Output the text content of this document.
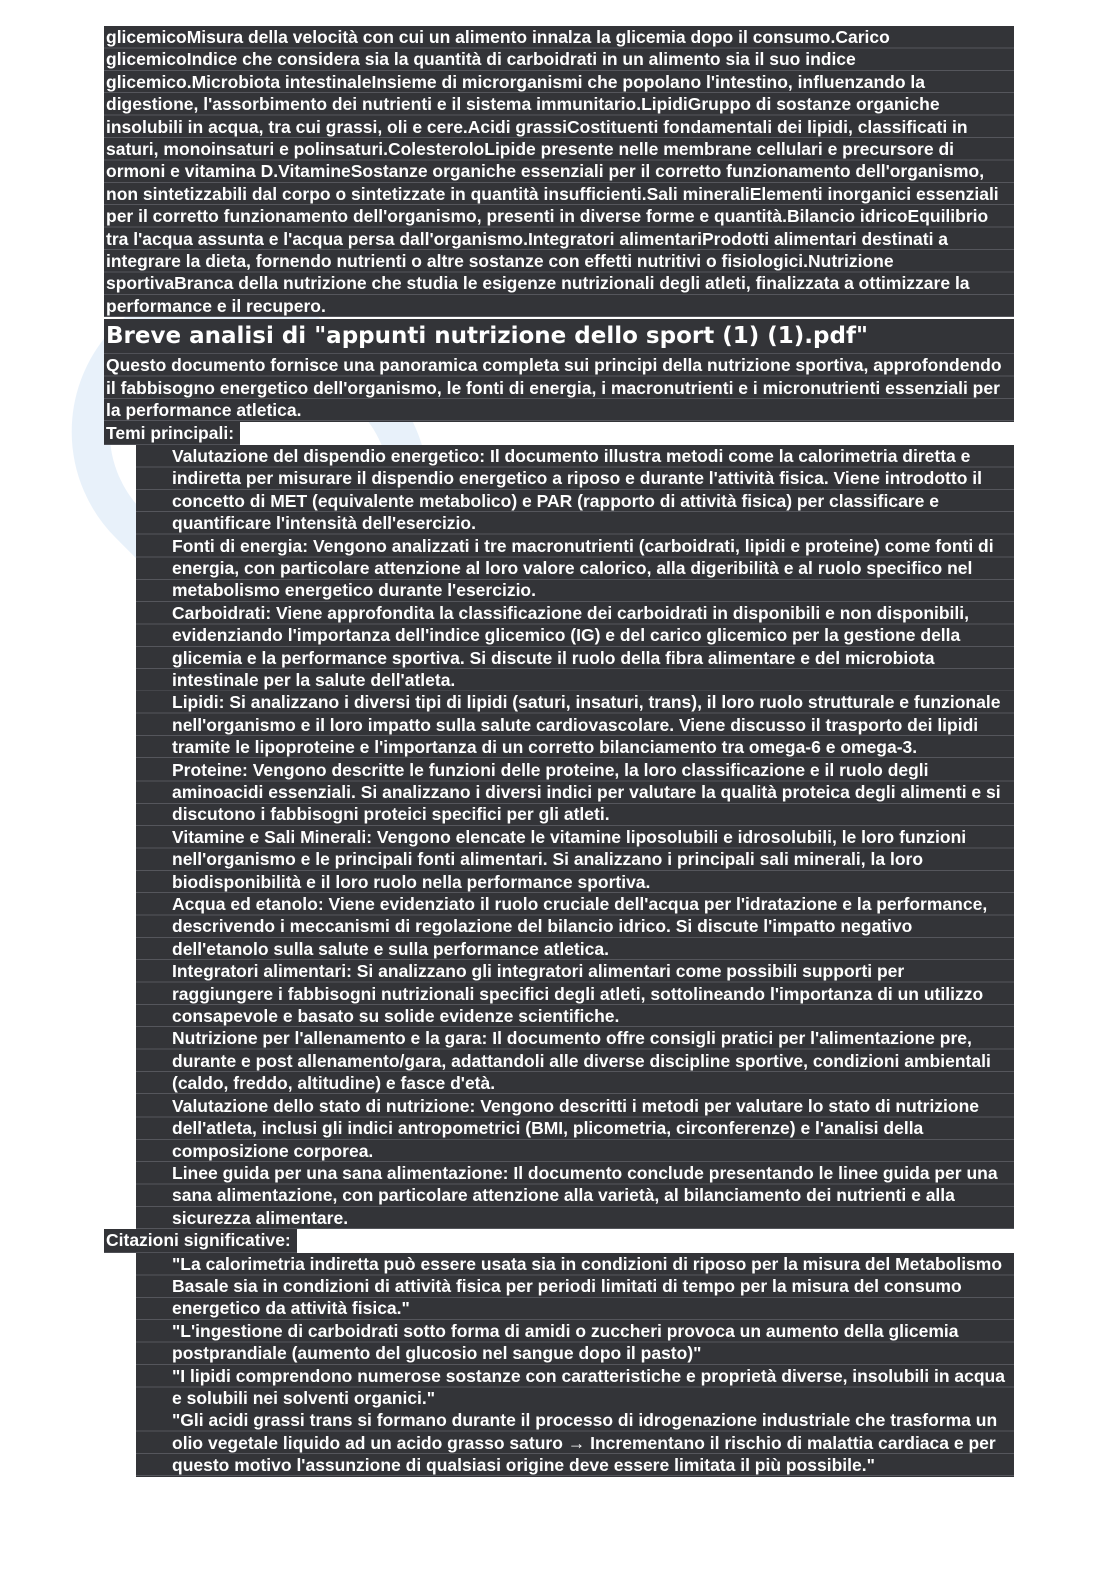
glicemicoMisura della velocità con cui un alimento innalza la glicemia dopo il consumo.Carico glicemicoIndice che considera sia la quantità di carboidrati in un alimento sia il suo indice glicemico.Microbiota intestinaleInsieme di microrganismi che popolano l'intestino, influenzando la digestione, l'assorbimento dei nutrienti e il sistema immunitario.LipidiGruppo di sostanze organiche insolubili in acqua, tra cui grassi, oli e cere.Acidi grassiCostituenti fondamentali dei lipidi, classificati in saturi, monoinsaturi e polinsaturi.ColesteroloLipide presente nelle membrane cellulari e precursore di ormoni e vitamina D.VitamineSostanze organiche essenziali per il corretto funzionamento dell'organismo, non sintetizzabili dal corpo o sintetizzate in quantità insufficienti.Sali mineraliElementi inorganici essenziali per il corretto funzionamento dell'organismo, presenti in diverse forme e quantità.Bilancio idricoEquilibrio tra l'acqua assunta e l'acqua persa dall'organismo.Integratori alimentariProdotti alimentari destinati a integrare la dieta, fornendo nutrienti o altre sostanze con effetti nutritivi o fisiologici.Nutrizione sportivaBranca della nutrizione che studia le esigenze nutrizionali degli atleti, finalizzata a ottimizzare la performance e il recupero.
Breve analisi di "appunti nutrizione dello sport (1) (1).pdf"
Questo documento fornisce una panoramica completa sui principi della nutrizione sportiva, approfondendo il fabbisogno energetico dell'organismo, le fonti di energia, i macronutrienti e i micronutrienti essenziali per la performance atletica.
Temi principali:
Valutazione del dispendio energetico: Il documento illustra metodi come la calorimetria diretta e indiretta per misurare il dispendio energetico a riposo e durante l'attività fisica. Viene introdotto il concetto di MET (equivalente metabolico) e PAR (rapporto di attività fisica) per classificare e quantificare l'intensità dell'esercizio.
Fonti di energia: Vengono analizzati i tre macronutrienti (carboidrati, lipidi e proteine) come fonti di energia, con particolare attenzione al loro valore calorico, alla digeribilità e al ruolo specifico nel metabolismo energetico durante l'esercizio.
Carboidrati: Viene approfondita la classificazione dei carboidrati in disponibili e non disponibili, evidenziando l'importanza dell'indice glicemico (IG) e del carico glicemico per la gestione della glicemia e la performance sportiva. Si discute il ruolo della fibra alimentare e del microbiota intestinale per la salute dell'atleta.
Lipidi: Si analizzano i diversi tipi di lipidi (saturi, insaturi, trans), il loro ruolo strutturale e funzionale nell'organismo e il loro impatto sulla salute cardiovascolare. Viene discusso il trasporto dei lipidi tramite le lipoproteine e l'importanza di un corretto bilanciamento tra omega-6 e omega-3.
Proteine: Vengono descritte le funzioni delle proteine, la loro classificazione e il ruolo degli aminoacidi essenziali. Si analizzano i diversi indici per valutare la qualità proteica degli alimenti e si discutono i fabbisogni proteici specifici per gli atleti.
Vitamine e Sali Minerali: Vengono elencate le vitamine liposolubili e idrosolubili, le loro funzioni nell'organismo e le principali fonti alimentari. Si analizzano i principali sali minerali, la loro biodisponibilità e il loro ruolo nella performance sportiva.
Acqua ed etanolo: Viene evidenziato il ruolo cruciale dell'acqua per l'idratazione e la performance, descrivendo i meccanismi di regolazione del bilancio idrico. Si discute l'impatto negativo dell'etanolo sulla salute e sulla performance atletica.
Integratori alimentari: Si analizzano gli integratori alimentari come possibili supporti per raggiungere i fabbisogni nutrizionali specifici degli atleti, sottolineando l'importanza di un utilizzo consapevole e basato su solide evidenze scientifiche.
Nutrizione per l'allenamento e la gara: Il documento offre consigli pratici per l'alimentazione pre, durante e post allenamento/gara, adattandoli alle diverse discipline sportive, condizioni ambientali (caldo, freddo, altitudine) e fasce d'età.
Valutazione dello stato di nutrizione: Vengono descritti i metodi per valutare lo stato di nutrizione dell'atleta, inclusi gli indici antropometrici (BMI, plicometria, circonferenze) e l'analisi della composizione corporea.
Linee guida per una sana alimentazione: Il documento conclude presentando le linee guida per una sana alimentazione, con particolare attenzione alla varietà, al bilanciamento dei nutrienti e alla sicurezza alimentare.
Citazioni significative:
"La calorimetria indiretta può essere usata sia in condizioni di riposo per la misura del Metabolismo Basale sia in condizioni di attività fisica per periodi limitati di tempo per la misura del consumo energetico da attività fisica."
"L'ingestione di carboidrati sotto forma di amidi o zuccheri provoca un aumento della glicemia postprandiale (aumento del glucosio nel sangue dopo il pasto)"
"I lipidi comprendono numerose sostanze con caratteristiche e proprietà diverse, insolubili in acqua e solubili nei solventi organici."
"Gli acidi grassi trans si formano durante il processo di idrogenazione industriale che trasforma un olio vegetale liquido ad un acido grasso saturo → Incrementano il rischio di malattia cardiaca e per questo motivo l'assunzione di qualsiasi origine deve essere limitata il più possibile."
